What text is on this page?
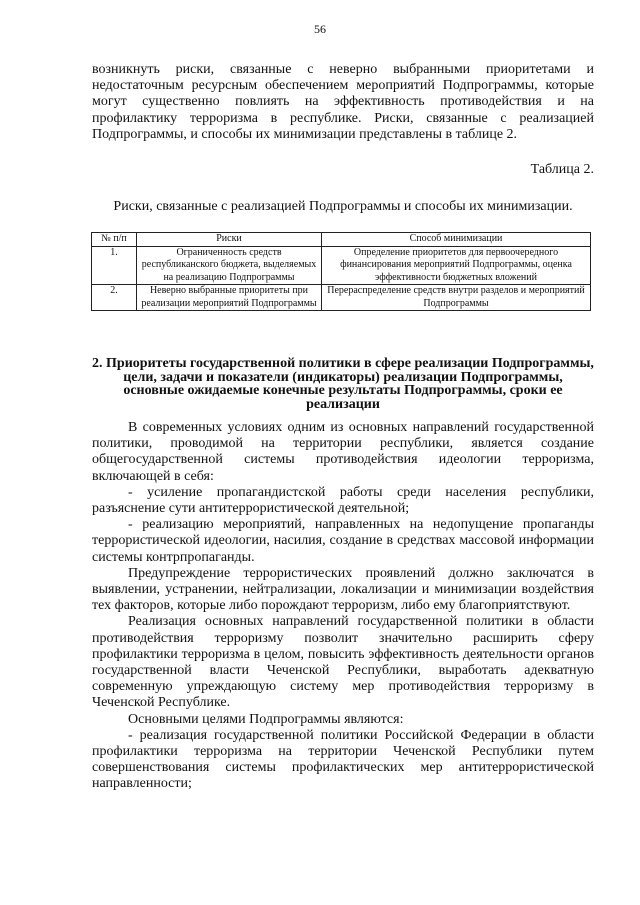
56

возникнуть риски, связанные с неверно выбранными приоритетами и недостаточным ресурсным обеспечением мероприятий Подпрограммы, которые могут существенно повлиять на эффективность противодействия и на профилактику терроризма в республике. Риски, связанные с реализацией Подпрограммы, и способы их минимизации представлены в таблице 2.

Таблица 2.
Риски, связанные с реализацией Подпрограммы и способы их минимизации.
№ п/п	Риски	Способ минимизации
1.	Ограниченность средств республиканского бюджета, выделяемых на реализацию Подпрограммы	Определение приоритетов для первоочередного финансирования мероприятий Подпрограммы, оценка эффективности бюджетных вложений
2.	Неверно выбранные приоритеты при реализации мероприятий Подпрограммы	Перераспределение средств внутри разделов и мероприятий Подпрограммы
2. Приоритеты государственной политики в сфере реализации Подпрограммы, цели, задачи и показатели (индикаторы) реализации Подпрограммы, основные ожидаемые конечные результаты Подпрограммы, сроки ее реализации

В современных условиях одним из основных направлений государственной политики, проводимой на территории республики, является создание общегосударственной системы противодействия идеологии терроризма, включающей в себя:

- усиление пропагандистской работы среди населения республики, разъяснение сути антитеррористической деятельной;

- реализацию мероприятий, направленных на недопущение пропаганды террористической идеологии, насилия, создание в средствах массовой информации системы контрпропаганды.

Предупреждение террористических проявлений должно заключатся в выявлении, устранении, нейтрализации, локализации и минимизации воздействия тех факторов, которые либо порождают терроризм, либо ему благоприятствуют.

Реализация основных направлений государственной политики в области противодействия терроризму позволит значительно расширить сферу профилактики терроризма в целом, повысить эффективность деятельности органов государственной власти Чеченской Республики, выработать адекватную современную упреждающую систему мер противодействия терроризму в Чеченской Республике.

Основными целями Подпрограммы являются:

- реализация государственной политики Российской Федерации в области профилактики терроризма на территории Чеченской Республики путем совершенствования системы профилактических мер антитеррористической направленности;
